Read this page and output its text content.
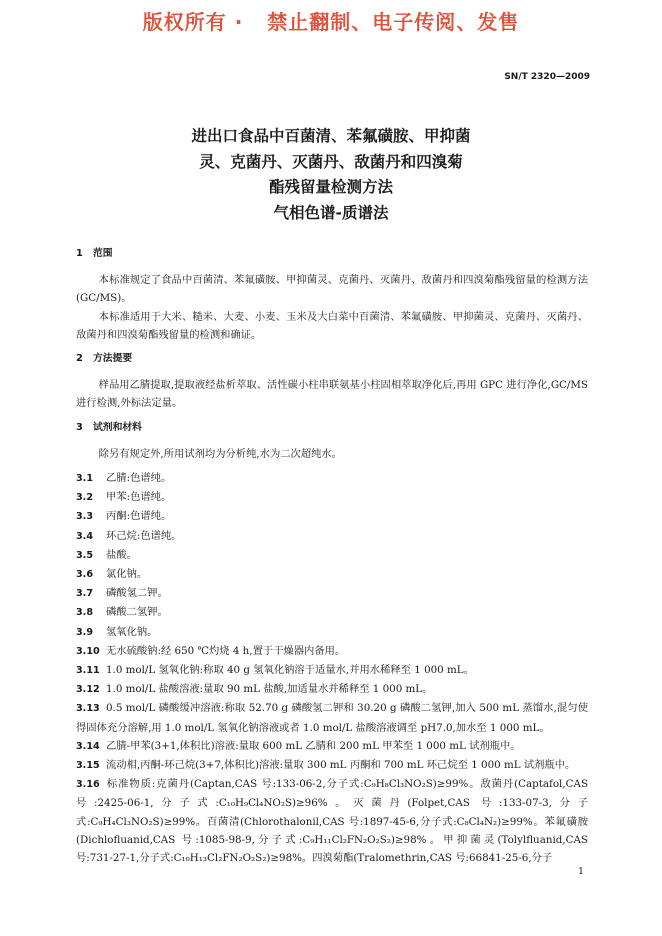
版权所有 ·   禁止翻制、电子传阅、发售
SN/T 2320—2009
进出口食品中百菌清、苯氟磺胺、甲抑菌
灵、克菌丹、灭菌丹、敌菌丹和四溴菊
酯残留量检测方法
气相色谱-质谱法
1 范围

本标准规定了食品中百菌清、苯氟磺胺、甲抑菌灵、克菌丹、灭菌丹、敌菌丹和四溴菊酯残留量的检测方法(GC/MS)。

本标准适用于大米、糙米、大麦、小麦、玉米及大白菜中百菌清、苯氟磺胺、甲抑菌灵、克菌丹、灭菌丹、敌菌丹和四溴菊酯残留量的检测和确证。

2 方法提要

样品用乙腈提取,提取液经盐析萃取、活性碳小柱串联氨基小柱固相萃取净化后,再用 GPC 进行净化,GC/MS 进行检测,外标法定量。

3 试剂和材料

除另有规定外,所用试剂均为分析纯,水为二次超纯水。

3.1 乙腈:色谱纯。

3.2 甲苯:色谱纯。

3.3 丙酮:色谱纯。

3.4 环己烷:色谱纯。

3.5 盐酸。

3.6 氯化钠。

3.7 磷酸氢二钾。

3.8 磷酸二氢钾。

3.9 氢氧化钠。

3.10 无水硫酸钠:经 650 ℃灼烧 4 h,置于干燥器内备用。

3.11 1.0 mol/L 氢氧化钠:称取 40 g 氢氧化钠溶于适量水,并用水稀释至 1 000 mL。

3.12 1.0 mol/L 盐酸溶液:量取 90 mL 盐酸,加适量水并稀释至 1 000 mL。

3.13 0.5 mol/L 磷酸缓冲溶液:称取 52.70 g 磷酸氢二钾和 30.20 g 磷酸二氢钾,加入 500 mL 蒸馏水,混匀使得固体充分溶解,用 1.0 mol/L 氢氧化钠溶液或者 1.0 mol/L 盐酸溶液调至 pH7.0,加水至 1 000 mL。

3.14 乙腈-甲苯(3+1,体积比)溶液:量取 600 mL 乙腈和 200 mL 甲苯至 1 000 mL 试剂瓶中。

3.15 流动相,丙酮-环己烷(3+7,体积比)溶液:量取 300 mL 丙酮和 700 mL 环己烷至 1 000 mL 试剂瓶中。

3.16 标准物质:克菌丹(Captan,CAS 号:133-06-2,分子式:C₉H₈Cl₃NO₂S)≥99%。敌菌丹(Captafol,CAS 号:2425-06-1,分子式:C₁₀H₉Cl₄NO₂S)≥96%。灭菌丹(Folpet,CAS 号:133-07-3,分子式:C₉H₄Cl₃NO₂S)≥99%。百菌清(Chlorothalonil,CAS 号:1897-45-6,分子式:C₈Cl₄N₂)≥99%。苯氟磺胺(Dichlofluanid,CAS 号:1085-98-9,分子式:C₉H₁₁Cl₂FN₂O₂S₂)≥98%。甲抑菌灵(Tolylfluanid,CAS 号:731-27-1,分子式:C₁₀H₁₃Cl₂FN₂O₂S₂)≥98%。四溴菊酯(Tralomethrin,CAS 号:66841-25-6,分子

1
